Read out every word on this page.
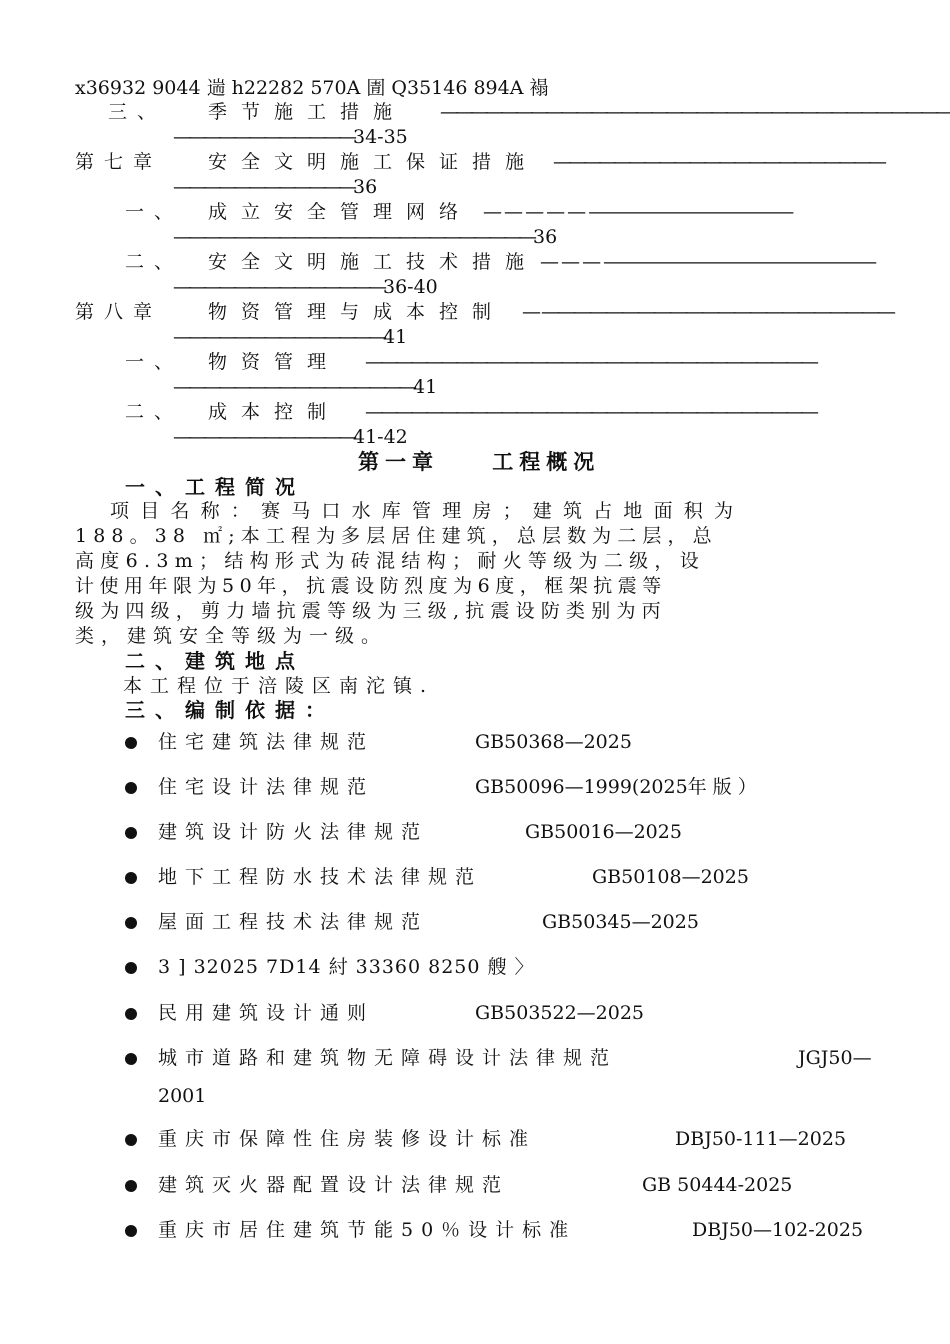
x36932 9044 遄 h22282 570A 圊 Q35146 894A 褟
三、 季节施工措施 ——————————————————————————————————
————————————34-35
第七章 安全文明施工保证措施 ——————————————————————
————————————36
一、 成立安全管理网络 — — — — — ————————————
————————————————————————36
二、 安全文明施工技术措施 — — — ————————————————
——————————————36-40
第八章 物资管理与成本控制 — ——————————————————————
——————————————41
一、 物资管理 ——————————————————————————————
————————————————41
二、 成本控制 ——————————————————————————————
————————————41-42
第一章    工程概况
一、工程简况
项目名称：赛马口水库管理房；建筑占地面积为
188。38 ㎡;本工程为多层居住建筑，总层数为二层，总
高度6.3m；结构形式为砖混结构；耐火等级为二级，设
计使用年限为50年，抗震设防烈度为6度，框架抗震等
级为四级，剪力墙抗震等级为三级,抗震设防类别为丙
类，建筑安全等级为一级。
二、建筑地点
本工程位于涪陵区南沱镇.
三、编制依据：
住宅建筑法律规范	GB50368—2025
住宅设计法律规范	GB50096—1999(2025年 版 ）
建筑设计防火法律规范	GB50016—2025
地下工程防水技术法律规范	GB50108—2025
屋面工程技术法律规范	GB50345—2025
3 ] 32025 7D14 紂 33360 8250 艘 〉
民用建筑设计通则	GB503522—2025
城市道路和建筑物无障碍设计法律规范	JGJ50—
2001
重庆市保障性住房装修设计标准	DBJ50-111—2025
建筑灭火器配置设计法律规范	GB 50444-2025
重庆市居住建筑节能50％设计标准	DBJ50—102-2025
